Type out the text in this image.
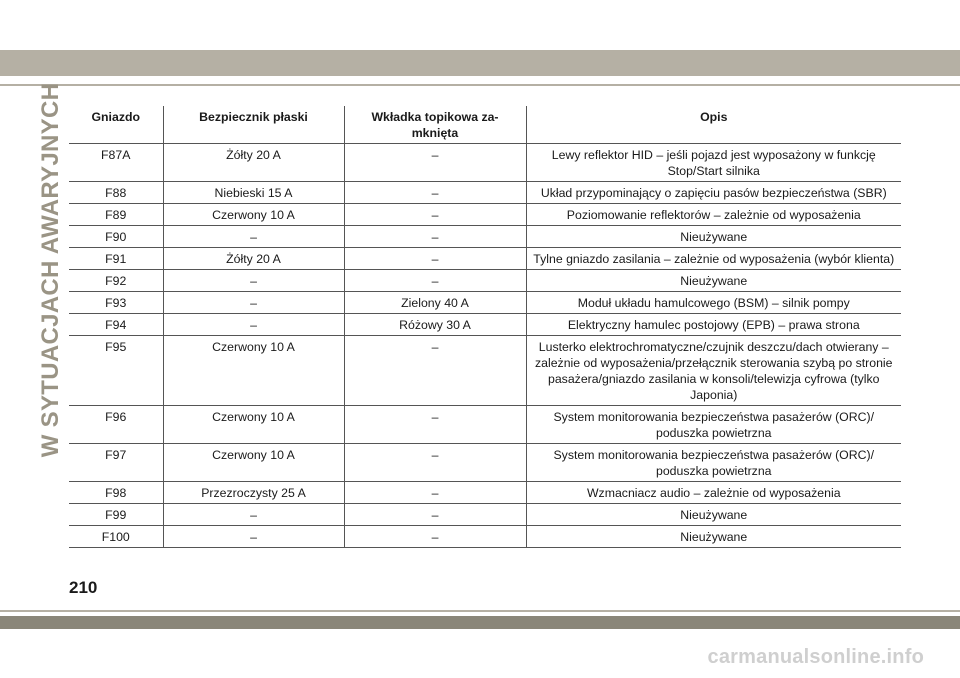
W SYTUACJACH AWARYJNYCH Gniazdo	Bezpiecznik płaski	Wkładka topikowa za-mknięta	Opis
F87A	Żółty 20 A	–	Lewy reflektor HID – jeśli pojazd jest wyposażony w funkcję Stop/Start silnika
F88	Niebieski 15 A	–	Układ przypominający o zapięciu pasów bezpieczeństwa (SBR)
F89	Czerwony 10 A	–	Poziomowanie reflektorów – zależnie od wyposażenia
F90	–	–	Nieużywane
F91	Żółty 20 A	–	Tylne gniazdo zasilania – zależnie od wyposażenia (wybór klienta)
F92	–	–	Nieużywane
F93	–	Zielony 40 A	Moduł układu hamulcowego (BSM) – silnik pompy
F94	–	Różowy 30 A	Elektryczny hamulec postojowy (EPB) – prawa strona
F95	Czerwony 10 A	–	Lusterko elektrochromatyczne/czujnik deszczu/dach otwierany – zależnie od wyposażenia/przełącznik sterowania szybą po stronie pasażera/gniazdo zasilania w konsoli/telewizja cyfrowa (tylko Japonia)
F96	Czerwony 10 A	–	System monitorowania bezpieczeństwa pasażerów (ORC)/ poduszka powietrzna
F97	Czerwony 10 A	–	System monitorowania bezpieczeństwa pasażerów (ORC)/ poduszka powietrzna
F98	Przezroczysty 25 A	–	Wzmacniacz audio – zależnie od wyposażenia
F99	–	–	Nieużywane
F100	–	–	Nieużywane
210
carmanualsonline.info
